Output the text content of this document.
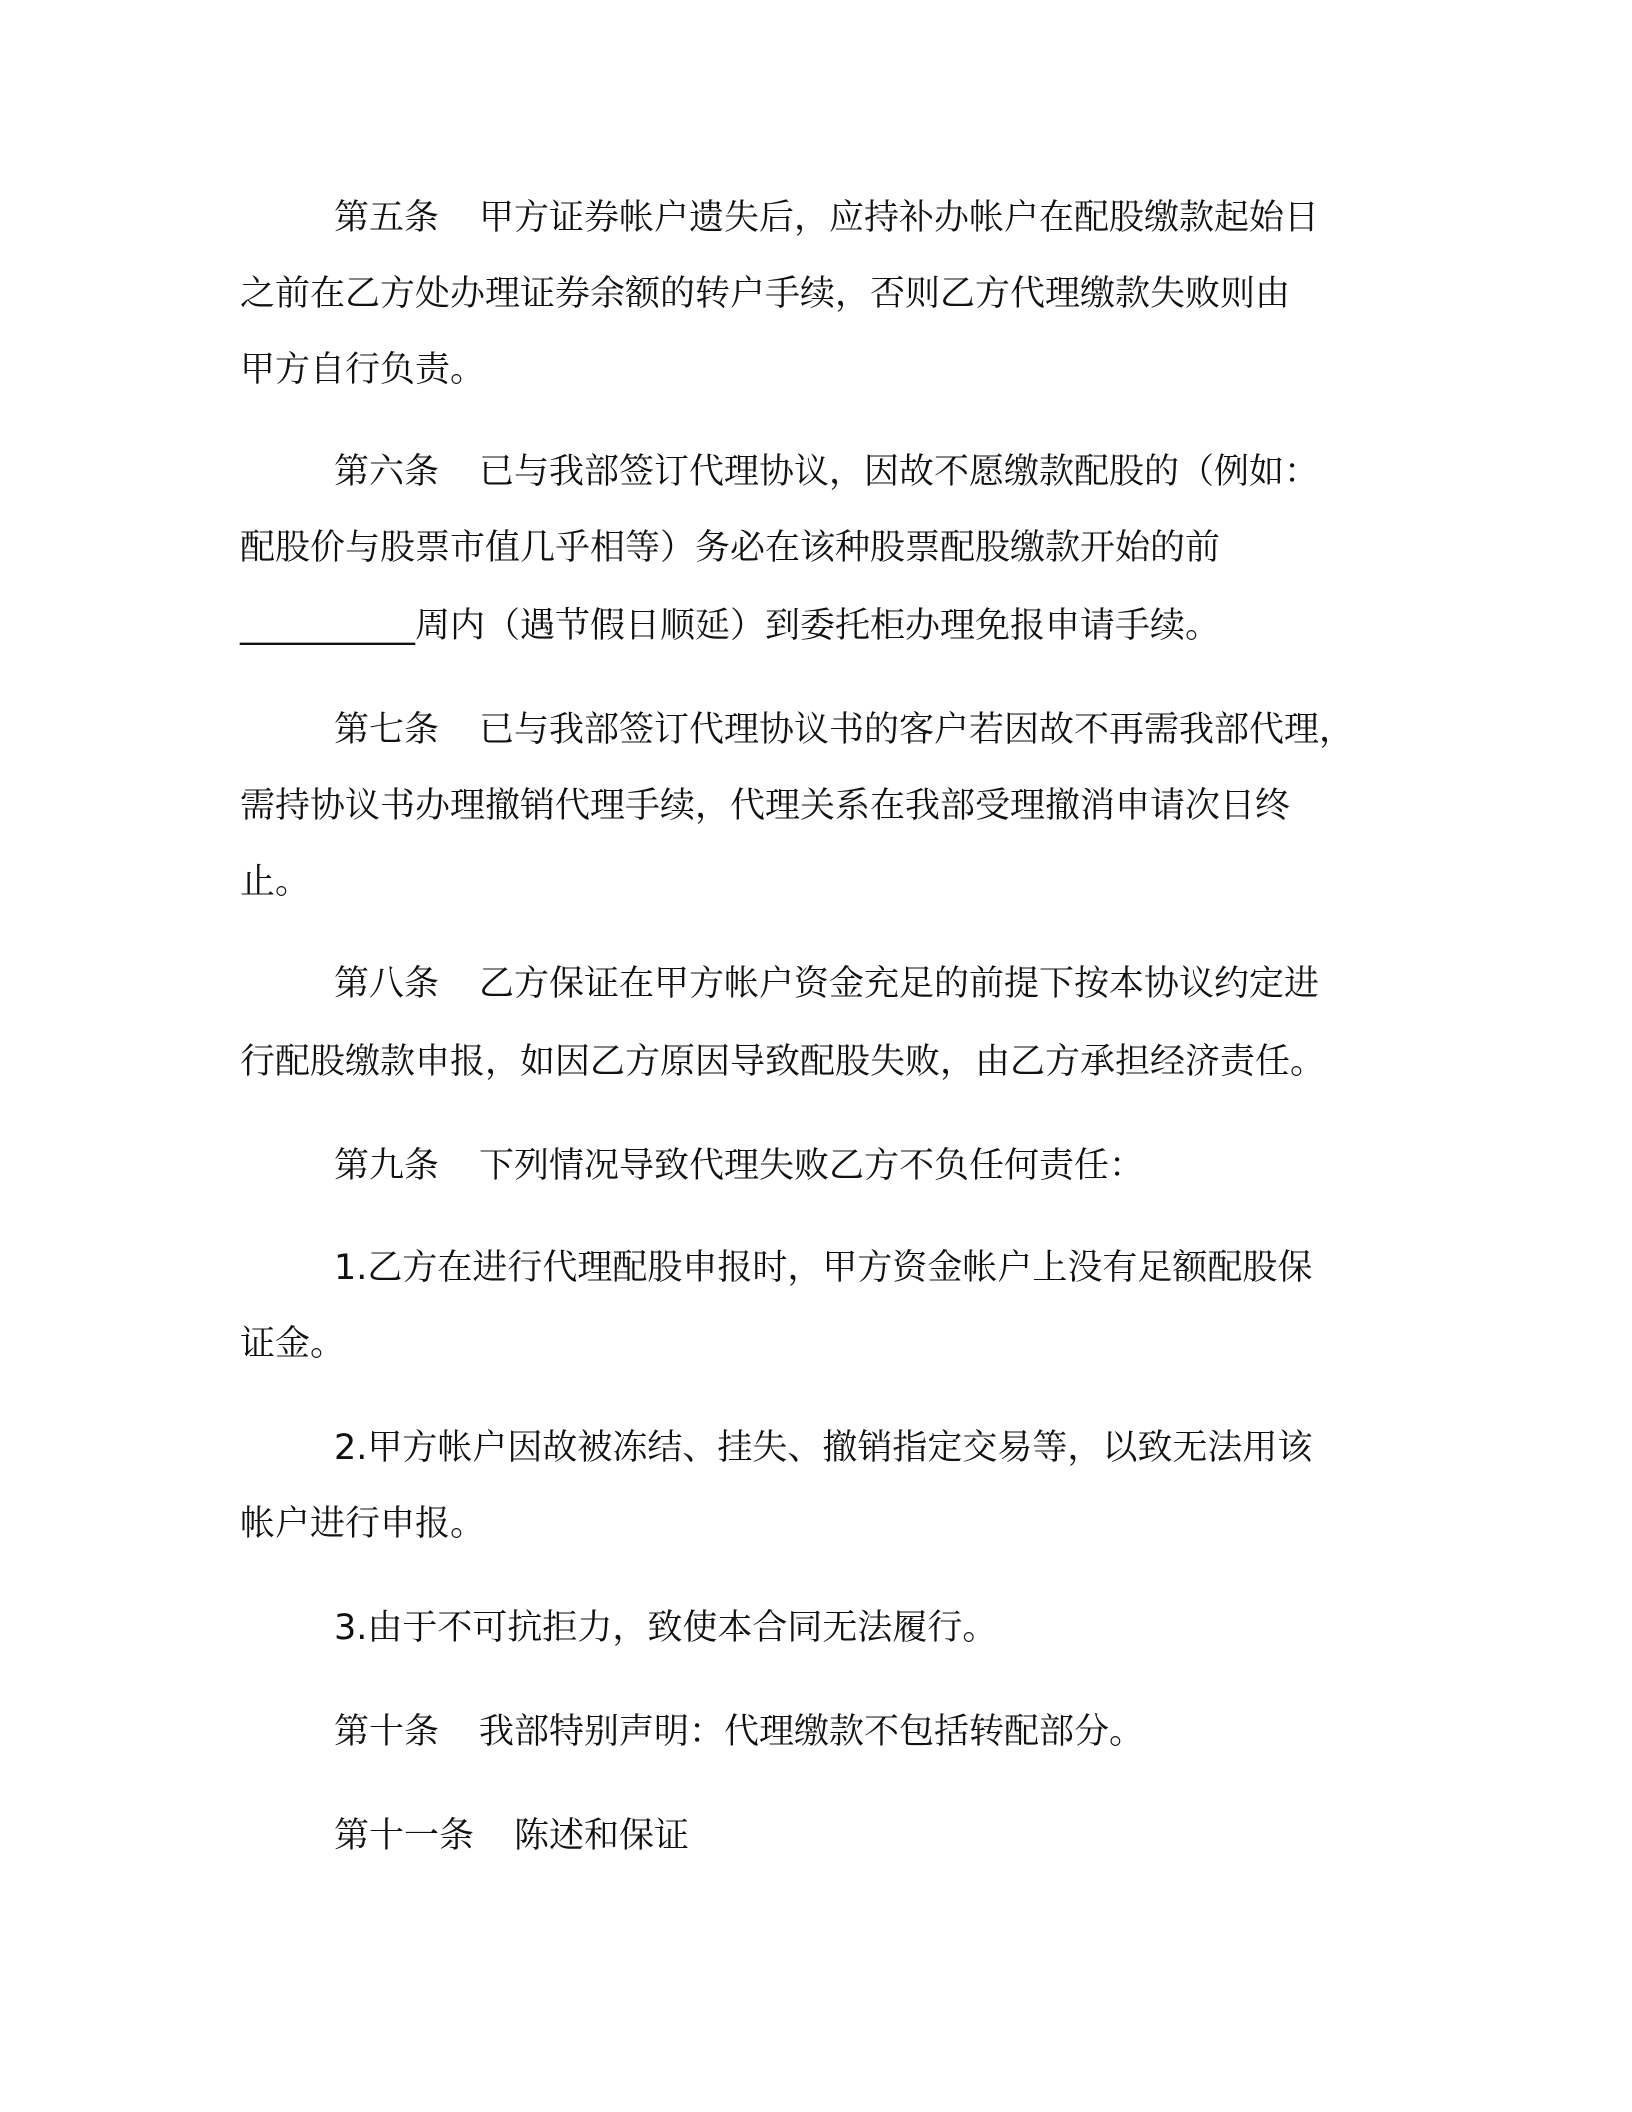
第五条 甲方证券帐户遗失后，应持补办帐户在配股缴款起始日
之前在乙方处办理证券余额的转户手续，否则乙方代理缴款失败则由
甲方自行负责。
第六条 已与我部签订代理协议，因故不愿缴款配股的（例如：
配股价与股票市值几乎相等）务必在该种股票配股缴款开始的前
__________周内（遇节假日顺延）到委托柜办理免报申请手续。
第七条 已与我部签订代理协议书的客户若因故不再需我部代理，
需持协议书办理撤销代理手续，代理关系在我部受理撤消申请次日终
止。
第八条 乙方保证在甲方帐户资金充足的前提下按本协议约定进
行配股缴款申报，如因乙方原因导致配股失败，由乙方承担经济责任。
第九条 下列情况导致代理失败乙方不负任何责任：
1.乙方在进行代理配股申报时，甲方资金帐户上没有足额配股保
证金。
2.甲方帐户因故被冻结、挂失、撤销指定交易等，以致无法用该
帐户进行申报。
3.由于不可抗拒力，致使本合同无法履行。
第十条 我部特别声明：代理缴款不包括转配部分。
第十一条 陈述和保证
